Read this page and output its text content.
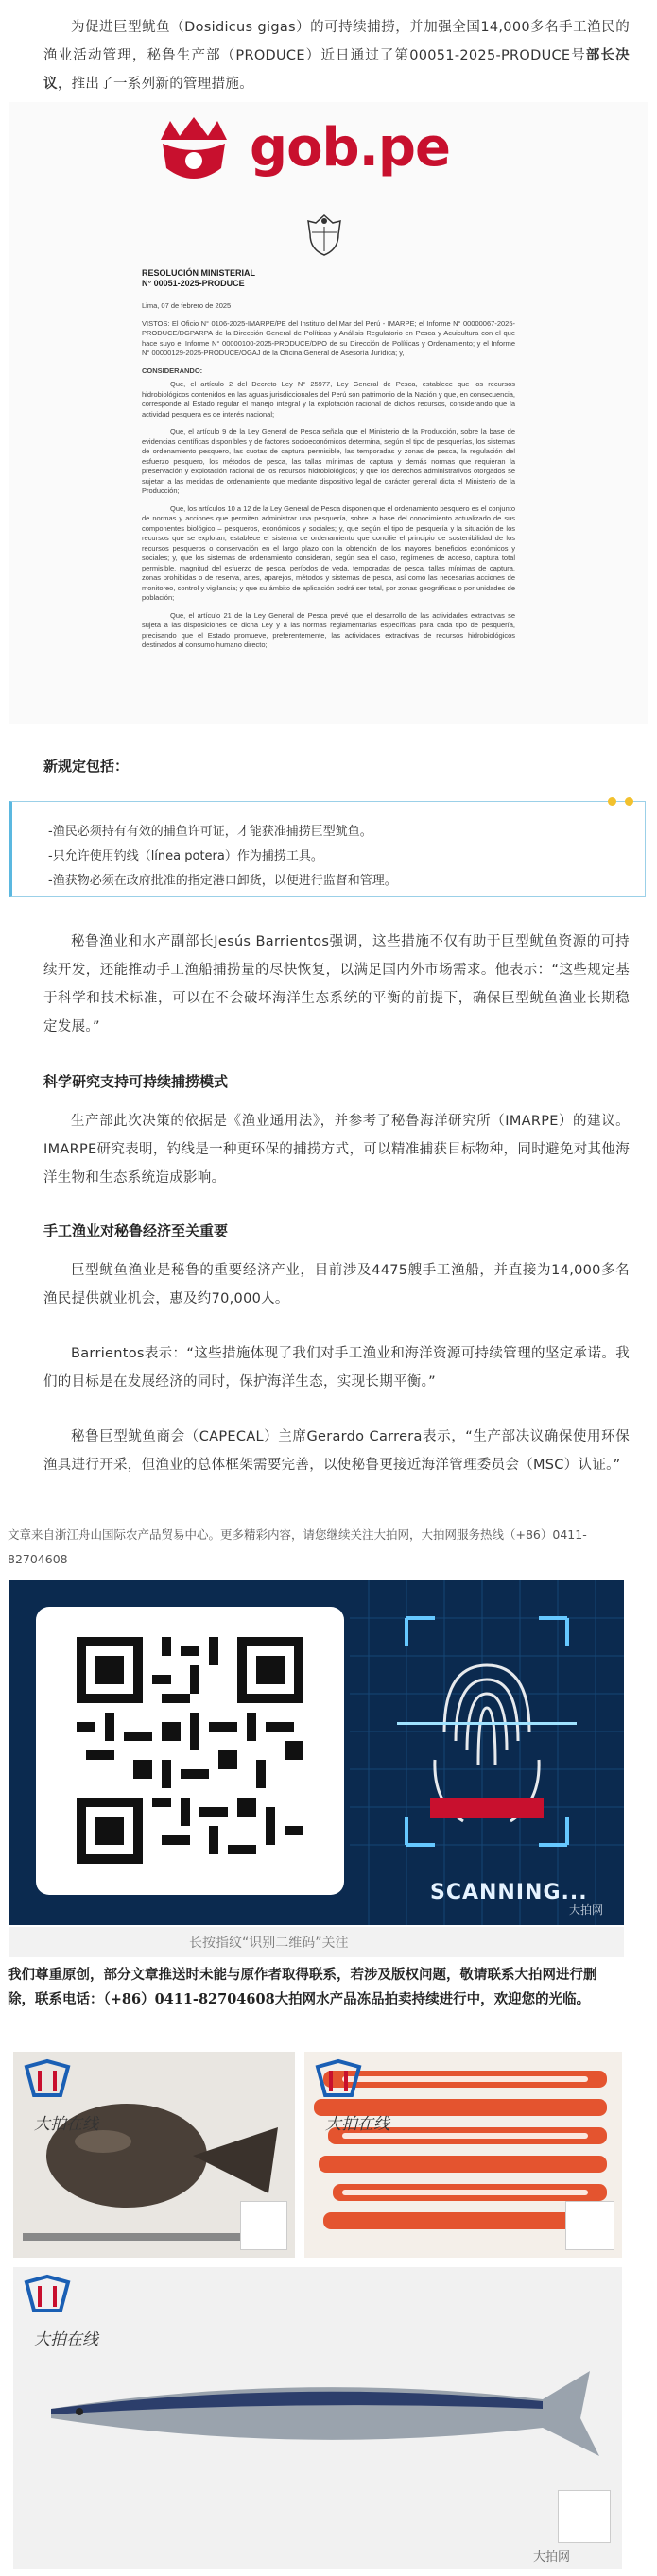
为促进巨型鱿鱼（Dosidicus gigas）的可持续捕捞，并加强全国14,000多名手工渔民的渔业活动管理，秘鲁生产部（PRODUCE）近日通过了第00051-2025-PRODUCE号部长决议，推出了一系列新的管理措施。

gob.pe

RESOLUCIÓN MINISTERIAL

N° 00051-2025-PRODUCE

Lima, 07 de febrero de 2025

VISTOS: El Oficio N° 0106-2025-IMARPE/PE del Instituto del Mar del Perú - IMARPE; el Informe N° 00000067-2025-PRODUCE/DGPARPA de la Dirección General de Políticas y Análisis Regulatorio en Pesca y Acuicultura con el que hace suyo el Informe N° 00000100-2025-PRODUCE/DPO de su Dirección de Políticas y Ordenamiento; y el Informe N° 00000129-2025-PRODUCE/OGAJ de la Oficina General de Asesoría Jurídica; y,

CONSIDERANDO:

Que, el artículo 2 del Decreto Ley N° 25977, Ley General de Pesca, establece que los recursos hidrobiológicos contenidos en las aguas jurisdiccionales del Perú son patrimonio de la Nación y que, en consecuencia, corresponde al Estado regular el manejo integral y la explotación racional de dichos recursos, considerando que la actividad pesquera es de interés nacional;

Que, el artículo 9 de la Ley General de Pesca señala que el Ministerio de la Producción, sobre la base de evidencias científicas disponibles y de factores socioeconómicos determina, según el tipo de pesquerías, los sistemas de ordenamiento pesquero, las cuotas de captura permisible, las temporadas y zonas de pesca, la regulación del esfuerzo pesquero, los métodos de pesca, las tallas mínimas de captura y demás normas que requieran la preservación y explotación racional de los recursos hidrobiológicos; y que los derechos administrativos otorgados se sujetan a las medidas de ordenamiento que mediante dispositivo legal de carácter general dicta el Ministerio de la Producción;

Que, los artículos 10 a 12 de la Ley General de Pesca disponen que el ordenamiento pesquero es el conjunto de normas y acciones que permiten administrar una pesquería, sobre la base del conocimiento actualizado de sus componentes biológico – pesqueros, económicos y sociales; y, que según el tipo de pesquería y la situación de los recursos que se explotan, establece el sistema de ordenamiento que concilie el principio de sostenibilidad de los recursos pesqueros o conservación en el largo plazo con la obtención de los mayores beneficios económicos y sociales; y, que los sistemas de ordenamiento consideran, según sea el caso, regímenes de acceso, captura total permisible, magnitud del esfuerzo de pesca, períodos de veda, temporadas de pesca, tallas mínimas de captura, zonas prohibidas o de reserva, artes, aparejos, métodos y sistemas de pesca, así como las necesarias acciones de monitoreo, control y vigilancia; y que su ámbito de aplicación podrá ser total, por zonas geográficas o por unidades de población;

Que, el artículo 21 de la Ley General de Pesca prevé que el desarrollo de las actividades extractivas se sujeta a las disposiciones de dicha Ley y a las normas reglamentarias específicas para cada tipo de pesquería, precisando que el Estado promueve, preferentemente, las actividades extractivas de recursos hidrobiológicos destinados al consumo humano directo;

新规定包括：

-渔民必须持有有效的捕鱼许可证，才能获准捕捞巨型鱿鱼。

-只允许使用钓线（línea potera）作为捕捞工具。

-渔获物必须在政府批准的指定港口卸货，以便进行监督和管理。

秘鲁渔业和水产副部长Jesús Barrientos强调，这些措施不仅有助于巨型鱿鱼资源的可持续开发，还能推动手工渔船捕捞量的尽快恢复，以满足国内外市场需求。他表示：“这些规定基于科学和技术标准，可以在不会破坏海洋生态系统的平衡的前提下，确保巨型鱿鱼渔业长期稳定发展。”

科学研究支持可持续捕捞模式

生产部此次决策的依据是《渔业通用法》，并参考了秘鲁海洋研究所（IMARPE）的建议。IMARPE研究表明，钓线是一种更环保的捕捞方式，可以精准捕获目标物种，同时避免对其他海洋生物和生态系统造成影响。

手工渔业对秘鲁经济至关重要

巨型鱿鱼渔业是秘鲁的重要经济产业，目前涉及4475艘手工渔船，并直接为14,000多名渔民提供就业机会，惠及约70,000人。

Barrientos表示：“这些措施体现了我们对手工渔业和海洋资源可持续管理的坚定承诺。我们的目标是在发展经济的同时，保护海洋生态，实现长期平衡。”

秘鲁巨型鱿鱼商会（CAPECAL）主席Gerardo Carrera表示，“生产部决议确保使用环保渔具进行开采，但渔业的总体框架需要完善，以使秘鲁更接近海洋管理委员会（MSC）认证。”

文章来自浙江舟山国际农产品贸易中心。更多精彩内容，请您继续关注大拍网，大拍网服务热线（+86）0411-82704608

SCANNING...
大拍网
长按指纹“识别二维码”关注

我们尊重原创，部分文章推送时未能与原作者取得联系，若涉及版权问题，敬请联系大拍网进行删除，联系电话：（+86）0411-82704608大拍网水产品冻品拍卖持续进行中，欢迎您的光临。

大拍在线	大拍在线
大拍在线
大拍网
